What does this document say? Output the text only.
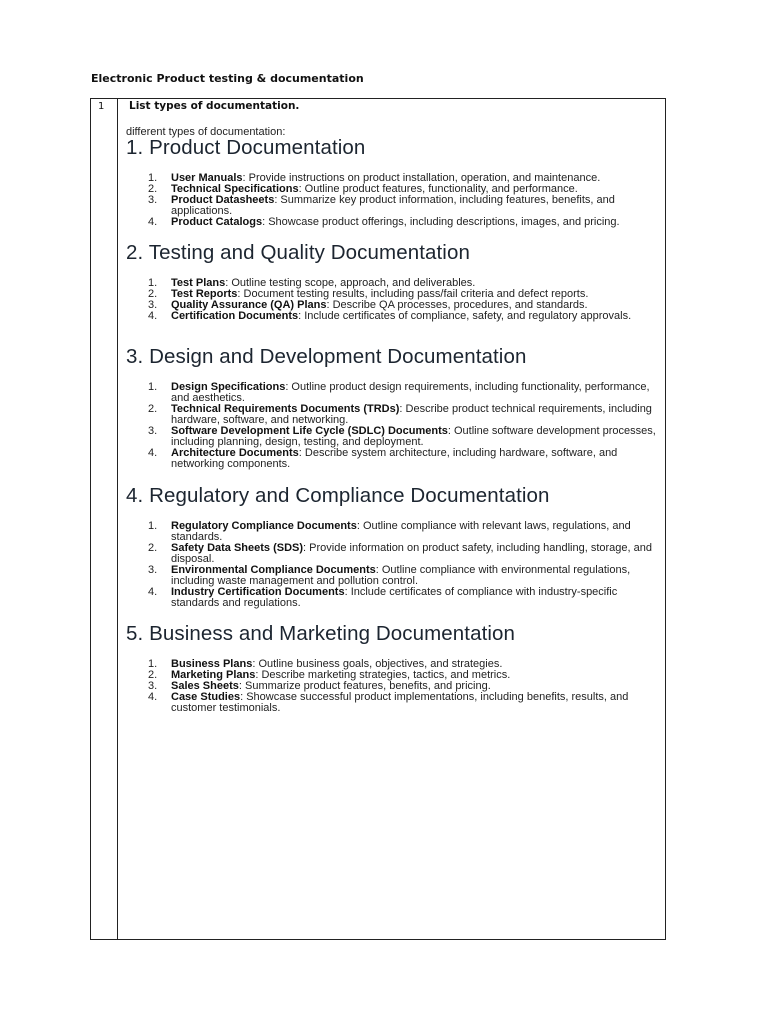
Electronic Product testing & documentation
1 List types of documentation.
different types of documentation:
1. Product Documentation
1. User Manuals: Provide instructions on product installation, operation, and maintenance.
2. Technical Specifications: Outline product features, functionality, and performance.
3. Product Datasheets: Summarize key product information, including features, benefits, and applications.
4. Product Catalogs: Showcase product offerings, including descriptions, images, and pricing.
2. Testing and Quality Documentation
1. Test Plans: Outline testing scope, approach, and deliverables.
2. Test Reports: Document testing results, including pass/fail criteria and defect reports.
3. Quality Assurance (QA) Plans: Describe QA processes, procedures, and standards.
4. Certification Documents: Include certificates of compliance, safety, and regulatory approvals.
3. Design and Development Documentation
1. Design Specifications: Outline product design requirements, including functionality, performance, and aesthetics.
2. Technical Requirements Documents (TRDs): Describe product technical requirements, including hardware, software, and networking.
3. Software Development Life Cycle (SDLC) Documents: Outline software development processes, including planning, design, testing, and deployment.
4. Architecture Documents: Describe system architecture, including hardware, software, and networking components.
4. Regulatory and Compliance Documentation
1. Regulatory Compliance Documents: Outline compliance with relevant laws, regulations, and standards.
2. Safety Data Sheets (SDS): Provide information on product safety, including handling, storage, and disposal.
3. Environmental Compliance Documents: Outline compliance with environmental regulations, including waste management and pollution control.
4. Industry Certification Documents: Include certificates of compliance with industry-specific standards and regulations.
5. Business and Marketing Documentation
1. Business Plans: Outline business goals, objectives, and strategies.
2. Marketing Plans: Describe marketing strategies, tactics, and metrics.
3. Sales Sheets: Summarize product features, benefits, and pricing.
4. Case Studies: Showcase successful product implementations, including benefits, results, and customer testimonials.
